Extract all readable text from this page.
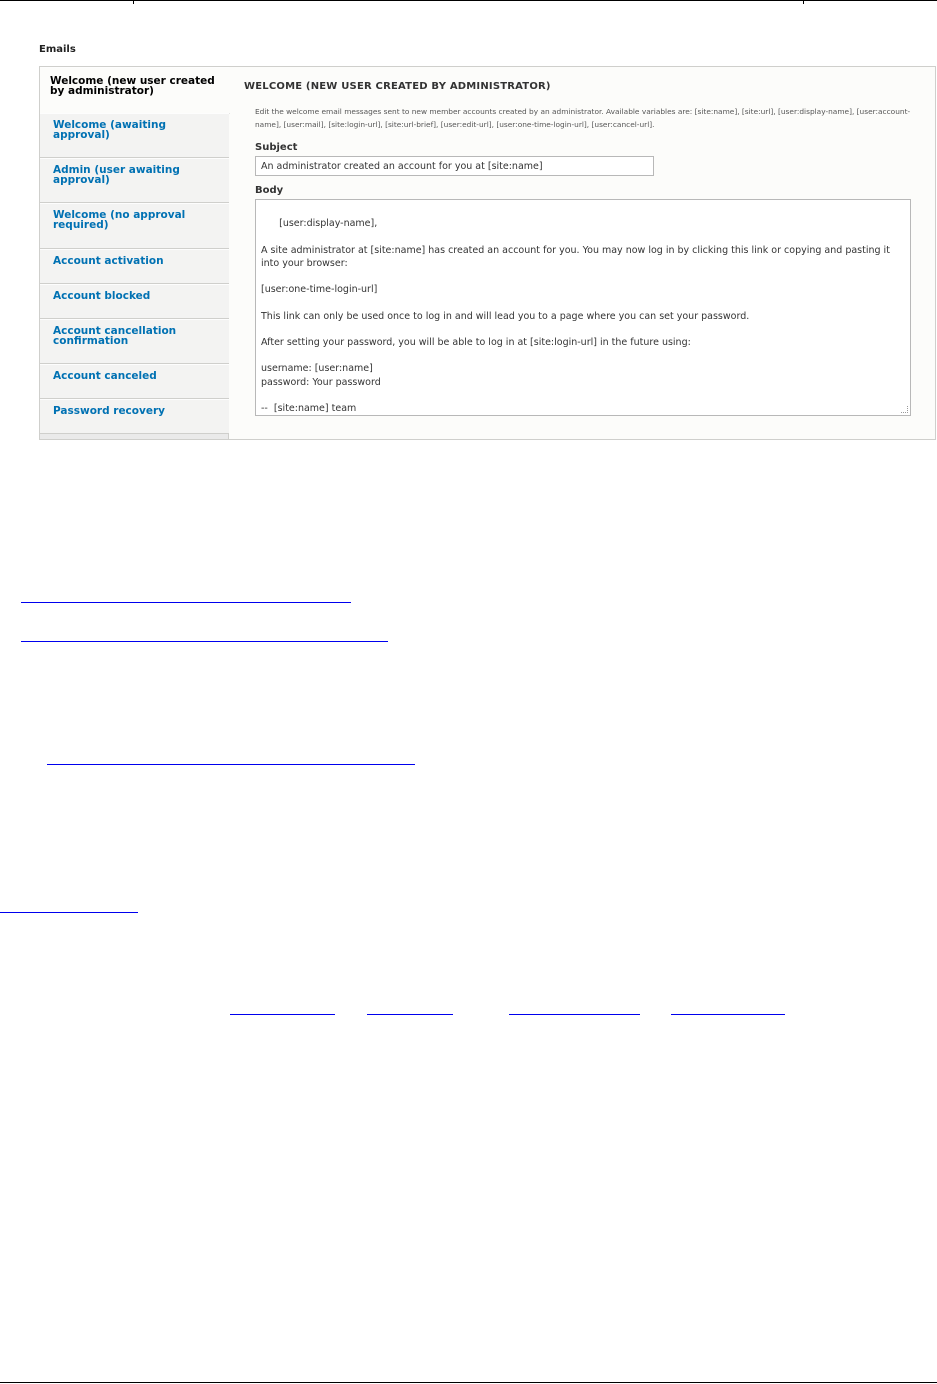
Emails
Welcome (new user created by administrator)
Welcome (awaiting approval)
Admin (user awaiting approval)
Welcome (no approval required)
Account activation
Account blocked
Account cancellation confirmation
Account canceled
Password recovery
WELCOME (NEW USER CREATED BY ADMINISTRATOR)
Edit the welcome email messages sent to new member accounts created by an administrator. Available variables are: [site:name], [site:url], [user:display-name], [user:account-name], [user:mail], [site:login-url], [site:url-brief], [user:edit-url], [user:one-time-login-url], [user:cancel-url].
Subject
An administrator created an account for you at [site:name]
Body

[user:display-name],

A site administrator at [site:name] has created an account for you. You may now log in by clicking this link or copying and pasting it into your browser:

[user:one-time-login-url]

This link can only be used once to log in and will lead you to a page where you can set your password.

After setting your password, you will be able to log in at [site:login-url] in the future using:

username: [user:name]
password: Your password

--  [site:name] team
